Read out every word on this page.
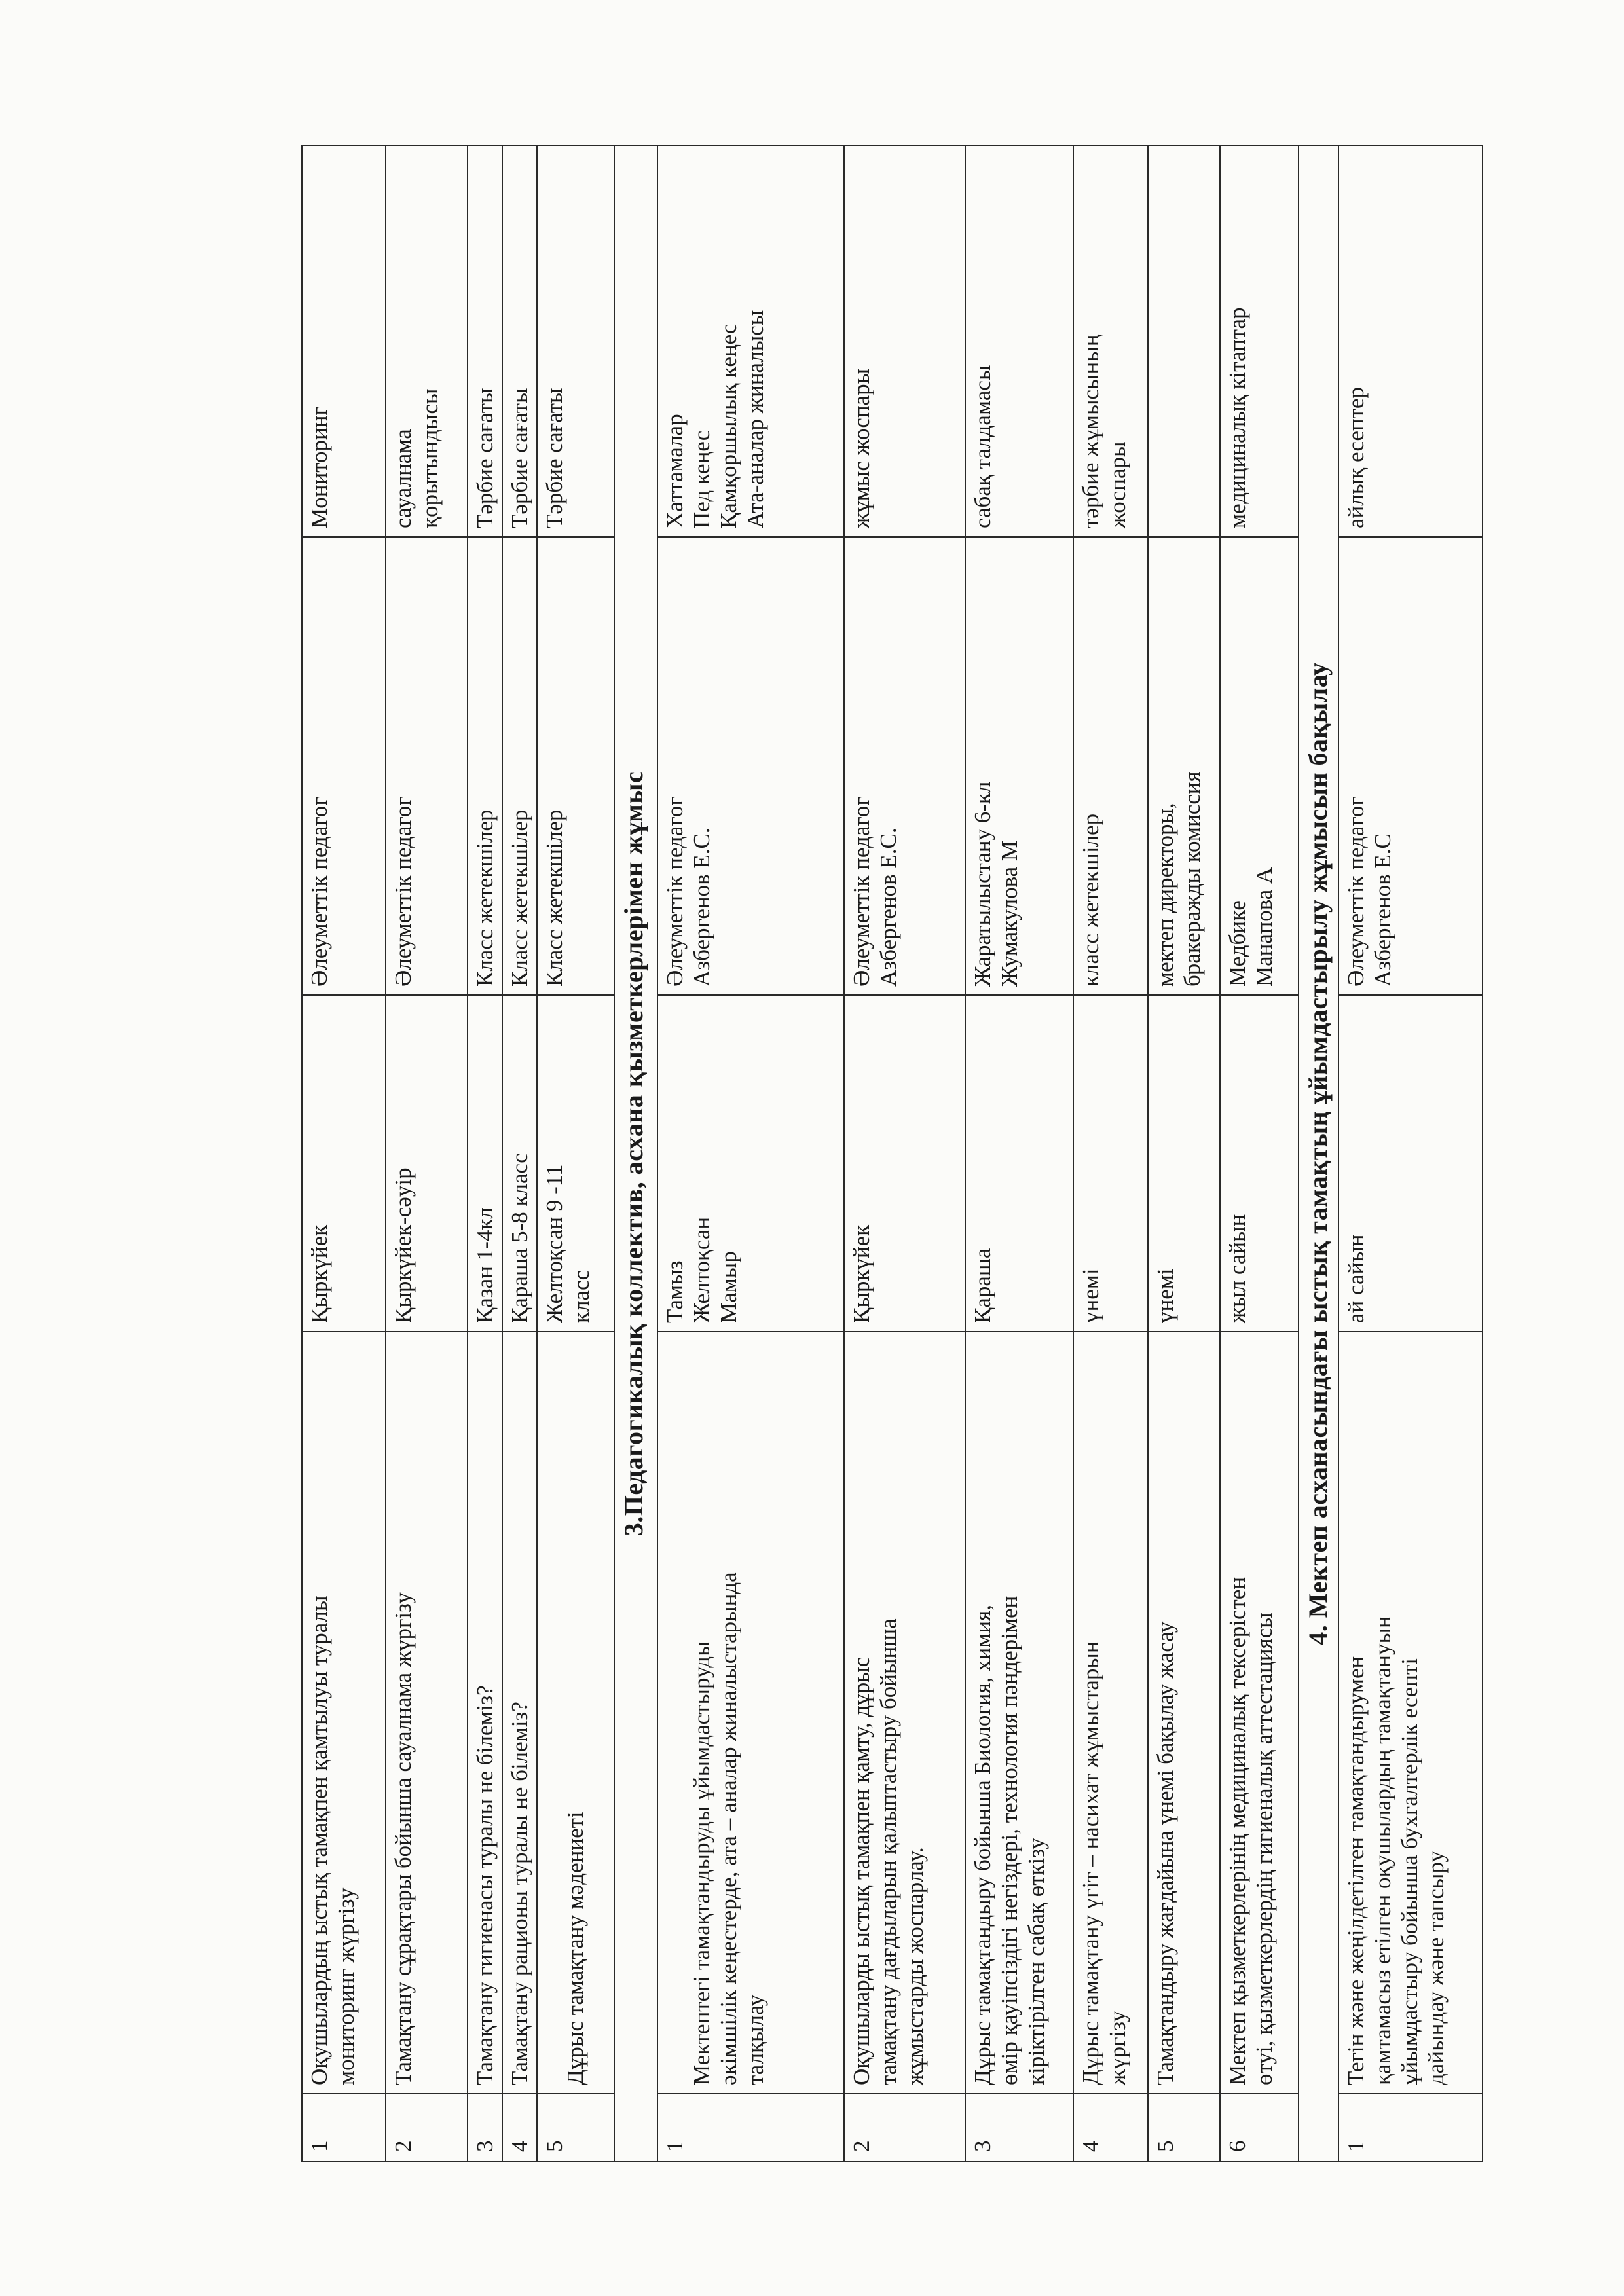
1	Оқушылардың ыстық тамақпен қамтылуы туралы мониторинг жүргізу	Қыркүйек	Әлеуметтік педагог	Мониторинг

2	Тамақтану сұрақтары бойынша сауалнама жүргізу	Қыркүйек-сәуір	Әлеуметтік педагог	сауалнама қорытындысы

3	Тамақтану гигиенасы туралы не білеміз?	Қазан 1-4кл	Класс жетекшілер	Тәрбие сағаты

4	Тамақтану рационы туралы не білеміз?	Қараша 5-8 класс	Класс жетекшілер	Тәрбие сағаты

5	Дұрыс тамақтану мәдениеті	Желтоқсан 9 -11 класс	Класс жетекшілер	Тәрбие сағаты

3.Педагогикалық коллектив, асхана қызметкерлерімен жұмыс				
1	Мектептегі тамақтандыруды ұйымдастыруды әкімшілік кеңестерде, ата – аналар жиналыстарында талқылау	Тамыз Желтоқсан Мамыр	Әлеуметтік педагог Азбергенов Е.С.	Хаттамалар Пед кеңес Қамқоршылық кеңес Ата-аналар жиналысы

2	Оқушыларды ыстық тамақпен қамту, дұрыс тамақтану дағдыларын қалыптастыру бойынша жұмыстарды жоспарлау.	Қыркүйек	Әлеуметтік педагог Азбергенов Е.С.	жұмыс жоспары

3	Дұрыс тамақтандыру бойынша Биология, химия, өмір қауіпсіздігі негіздері, технология пәндерімен кіріктірілген сабақ өткізу	Қараша	Жаратылыстану 6-кл Жумакулова М	сабақ талдамасы

4	Дұрыс тамақтану үгіт – насихат жұмыстарын жүргізу	үнемі	класс жетекшілер	тәрбие жұмысының жоспары

5	Тамақтандыру жағдайына үнемі бақылау жасау	үнемі	мектеп директоры, бракеражды комиссия	

6	Мектеп қызметкерлерінің медициналық тексерістен өтуі, қызметкерлердің гигиеналық аттестациясы	жыл сайын	Медбике Манапова А	медициналық кітаптар

4. Мектеп асханасындағы ыстық тамақтың ұйымдастырылу жұмысын бақылау				
1	Тегін және жеңілдетілген тамақтандырумен қамтамасыз етілген оқушылардың тамақтануын ұйымдастыру бойынша бухгалтерлік есепті дайындау және тапсыру	ай сайын	Әлеуметтік педагог Азбергенов Е.С	айлық есептер
